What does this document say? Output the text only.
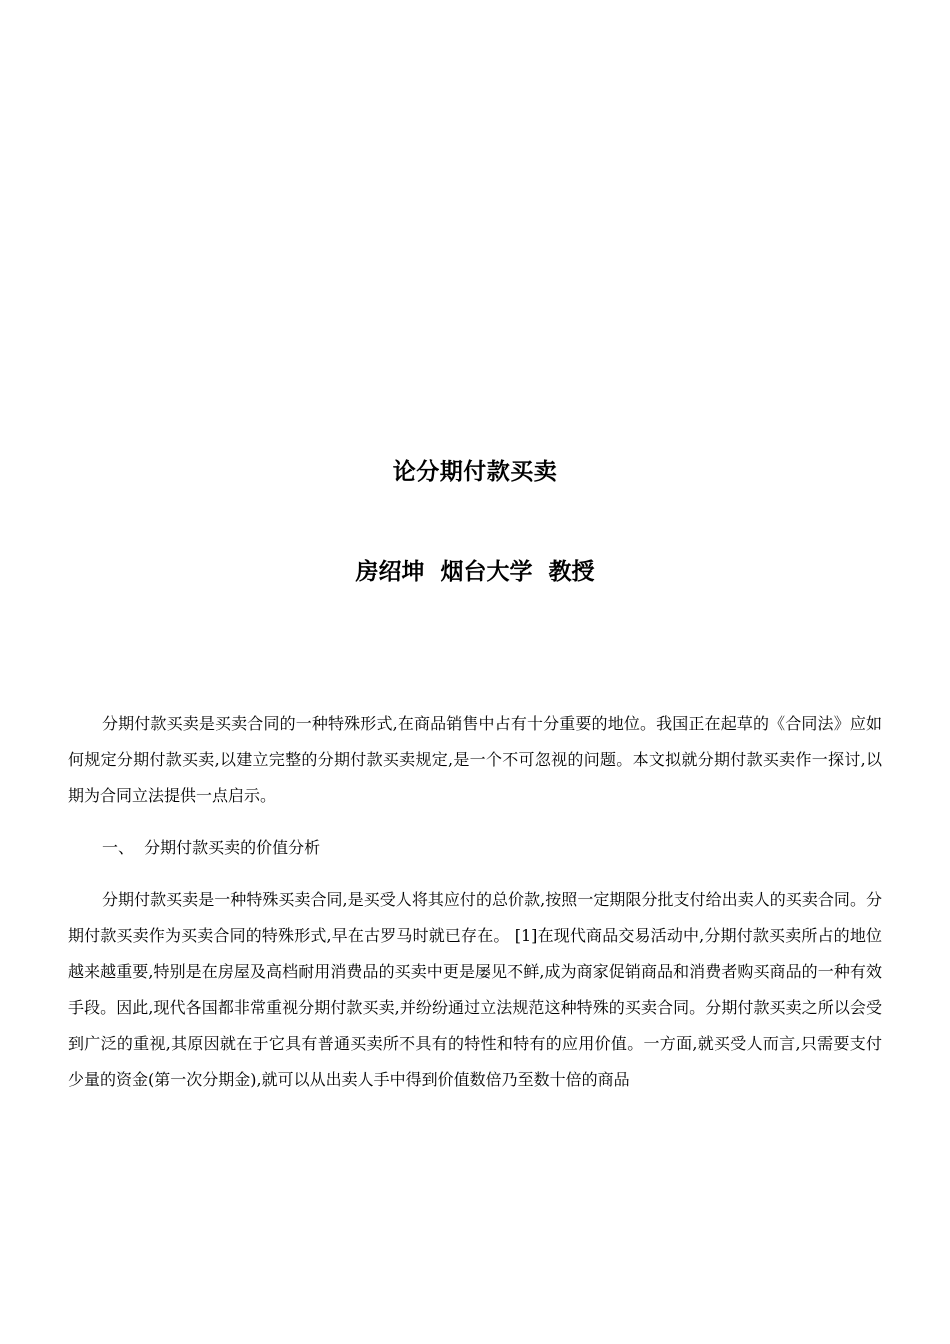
论分期付款买卖
房绍坤  烟台大学  教授

分期付款买卖是买卖合同的一种特殊形式,在商品销售中占有十分重要的地位。我国正在起草的《合同法》应如何规定分期付款买卖,以建立完整的分期付款买卖规定,是一个不可忽视的问题。本文拟就分期付款买卖作一探讨,以期为合同立法提供一点启示。

一、  分期付款买卖的价值分析

分期付款买卖是一种特殊买卖合同,是买受人将其应付的总价款,按照一定期限分批支付给出卖人的买卖合同。分期付款买卖作为买卖合同的特殊形式,早在古罗马时就已存在。 [1]在现代商品交易活动中,分期付款买卖所占的地位越来越重要,特别是在房屋及高档耐用消费品的买卖中更是屡见不鲜,成为商家促销商品和消费者购买商品的一种有效手段。因此,现代各国都非常重视分期付款买卖,并纷纷通过立法规范这种特殊的买卖合同。分期付款买卖之所以会受到广泛的重视,其原因就在于它具有普通买卖所不具有的特性和特有的应用价值。一方面,就买受人而言,只需要支付少量的资金(第一次分期金),就可以从出卖人手中得到价值数倍乃至数十倍的商品
